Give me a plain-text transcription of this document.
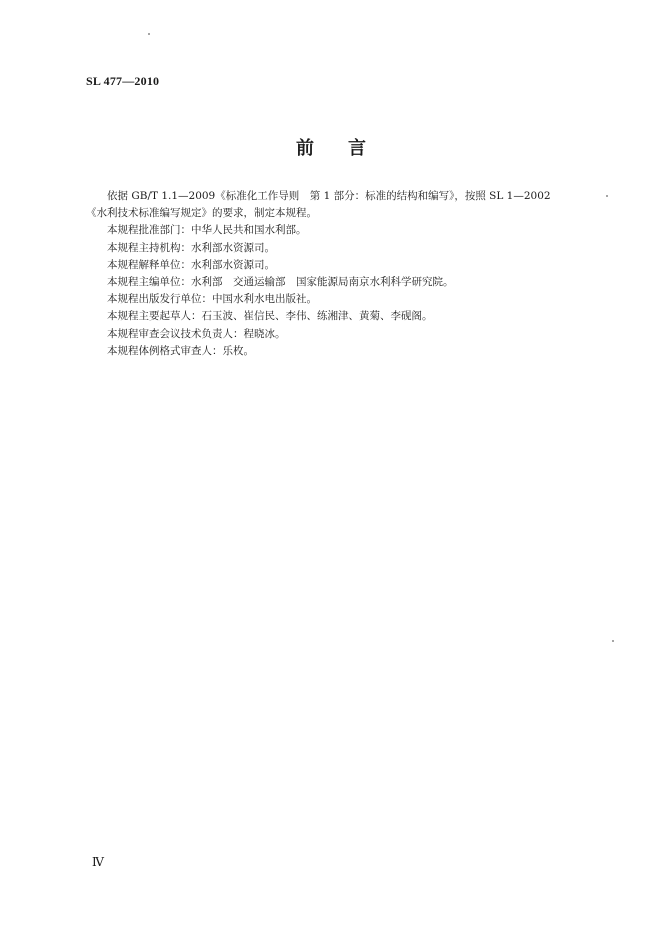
SL 477—2010
前言

依据 GB/T 1.1—2009《标准化工作导则　第 1 部分：标准的结构和编写》，按照 SL 1—2002

《水利技术标准编写规定》的要求，制定本规程。

本规程批准部门：中华人民共和国水利部。

本规程主持机构：水利部水资源司。

本规程解释单位：水利部水资源司。

本规程主编单位：水利部　交通运输部　国家能源局南京水利科学研究院。

本规程出版发行单位：中国水利水电出版社。

本规程主要起草人：石玉波、崔信民、李伟、练湘津、黄菊、李砚阁。

本规程审查会议技术负责人：程晓冰。

本规程体例格式审查人：乐枚。

Ⅳ
